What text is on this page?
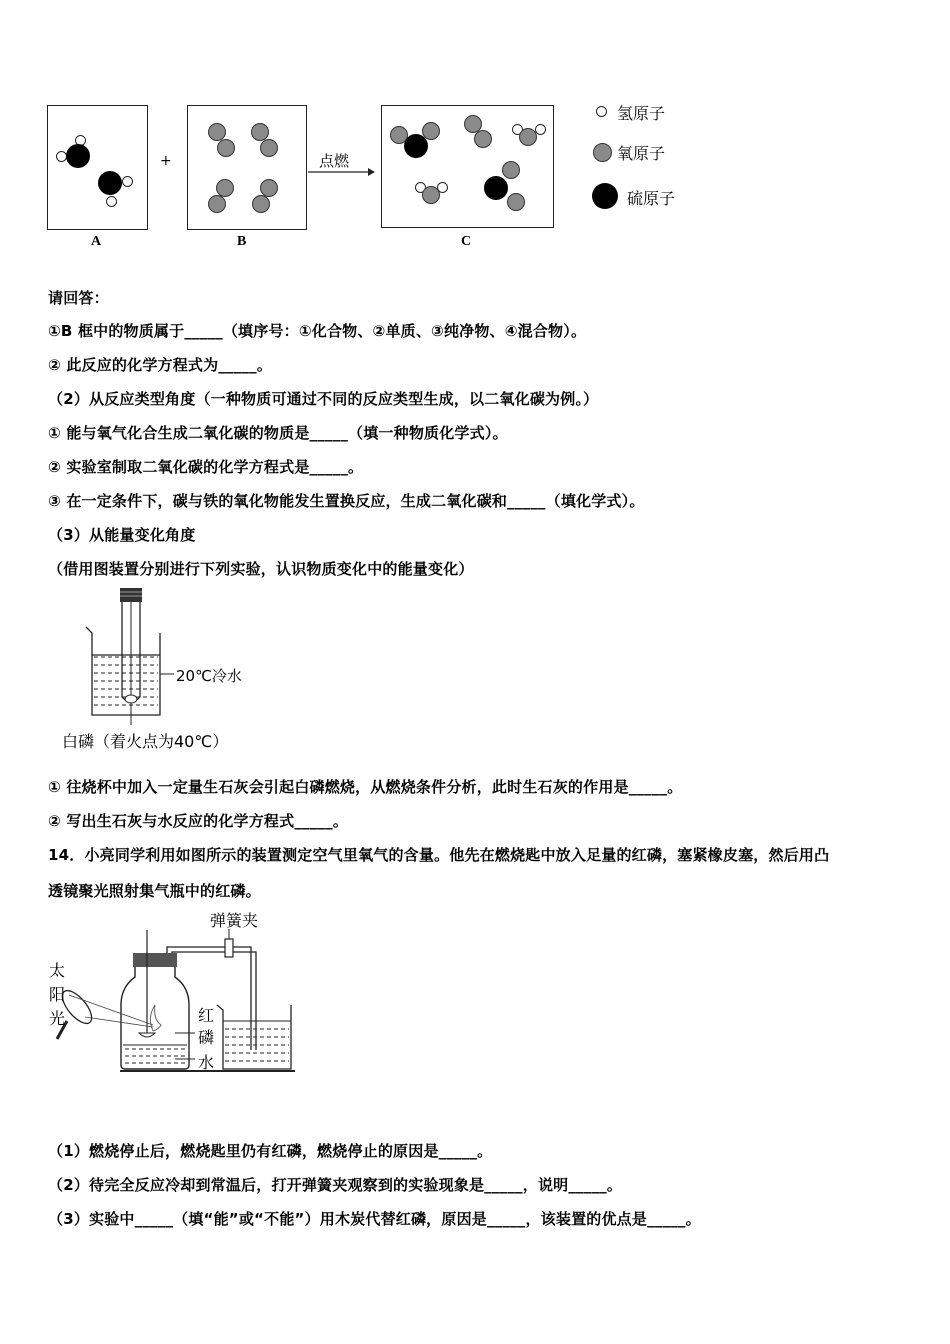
A
+
B
点燃
C
氢原子
氧原子
硫原子
请回答：
①B 框中的物质属于_____（填序号：①化合物、②单质、③纯净物、④混合物）。
② 此反应的化学方程式为_____。
（2）从反应类型角度（一种物质可通过不同的反应类型生成，以二氧化碳为例。）
① 能与氧气化合生成二氧化碳的物质是_____（填一种物质化学式）。
② 实验室制取二氧化碳的化学方程式是_____。
③ 在一定条件下，碳与铁的氧化物能发生置换反应，生成二氧化碳和_____（填化学式）。
（3）从能量变化角度
（借用图装置分别进行下列实验，认识物质变化中的能量变化）
20℃冷水
白磷（着火点为40℃）
① 往烧杯中加入一定量生石灰会引起白磷燃烧，从燃烧条件分析，此时生石灰的作用是_____。
② 写出生石灰与水反应的化学方程式_____。
14．小亮同学利用如图所示的装置测定空气里氧气的含量。他先在燃烧匙中放入足量的红磷，塞紧橡皮塞，然后用凸
透镜聚光照射集气瓶中的红磷。
弹簧夹
太
阳
光	红
磷
水
（1）燃烧停止后，燃烧匙里仍有红磷，燃烧停止的原因是_____。
（2）待完全反应冷却到常温后，打开弹簧夹观察到的实验现象是_____，说明_____。
（3）实验中_____（填“能”或“不能”）用木炭代替红磷，原因是_____，该装置的优点是_____。
